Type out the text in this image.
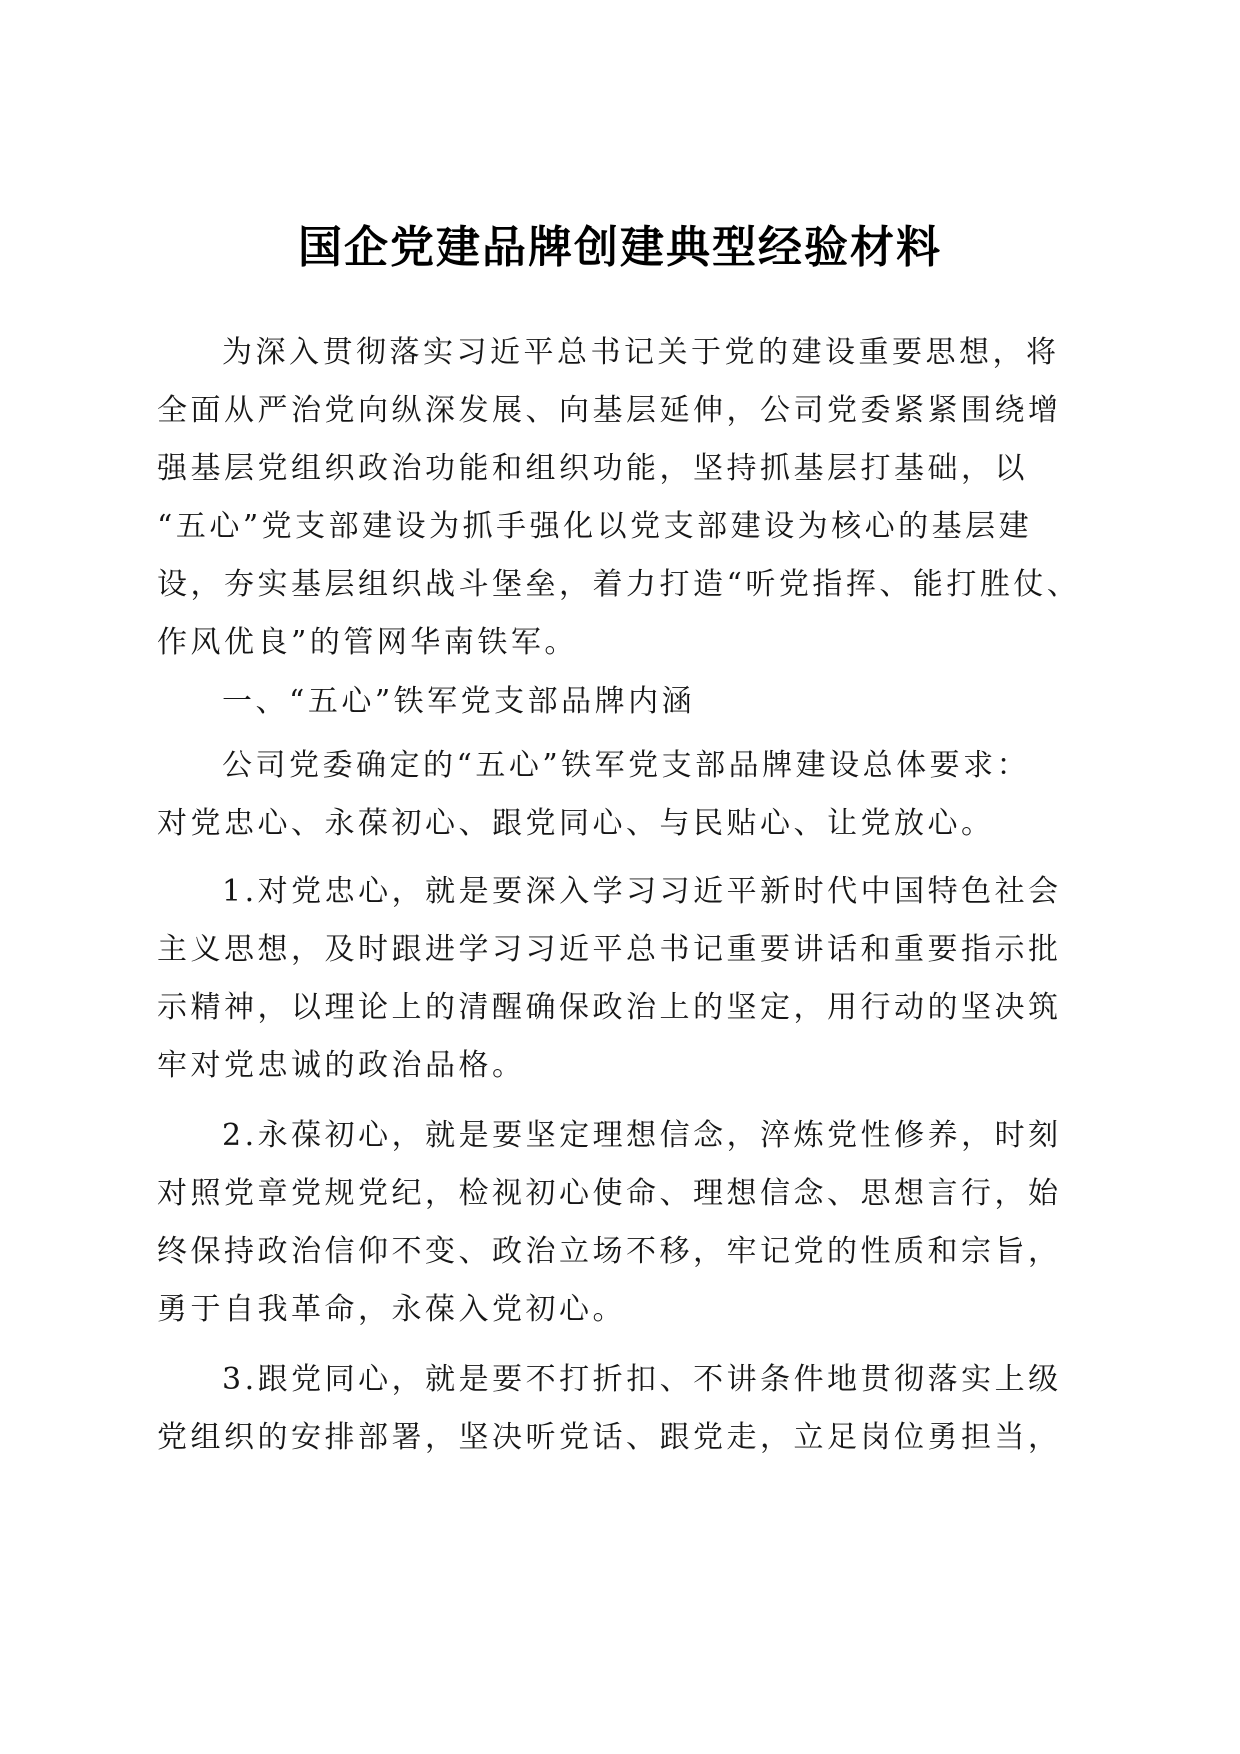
国企党建品牌创建典型经验材料
为深入贯彻落实习近平总书记关于党的建设重要思想，将
全面从严治党向纵深发展、向基层延伸，公司党委紧紧围绕增
强基层党组织政治功能和组织功能，坚持抓基层打基础，以
“五心”党支部建设为抓手强化以党支部建设为核心的基层建
设，夯实基层组织战斗堡垒，着力打造“听党指挥、能打胜仗、
作风优良”的管网华南铁军。
一、“五心”铁军党支部品牌内涵
公司党委确定的“五心”铁军党支部品牌建设总体要求：
对党忠心、永葆初心、跟党同心、与民贴心、让党放心。
1.对党忠心，就是要深入学习习近平新时代中国特色社会
主义思想，及时跟进学习习近平总书记重要讲话和重要指示批
示精神，以理论上的清醒确保政治上的坚定，用行动的坚决筑
牢对党忠诚的政治品格。
2.永葆初心，就是要坚定理想信念，淬炼党性修养，时刻
对照党章党规党纪，检视初心使命、理想信念、思想言行，始
终保持政治信仰不变、政治立场不移，牢记党的性质和宗旨，
勇于自我革命，永葆入党初心。
3.跟党同心，就是要不打折扣、不讲条件地贯彻落实上级
党组织的安排部署，坚决听党话、跟党走，立足岗位勇担当，
